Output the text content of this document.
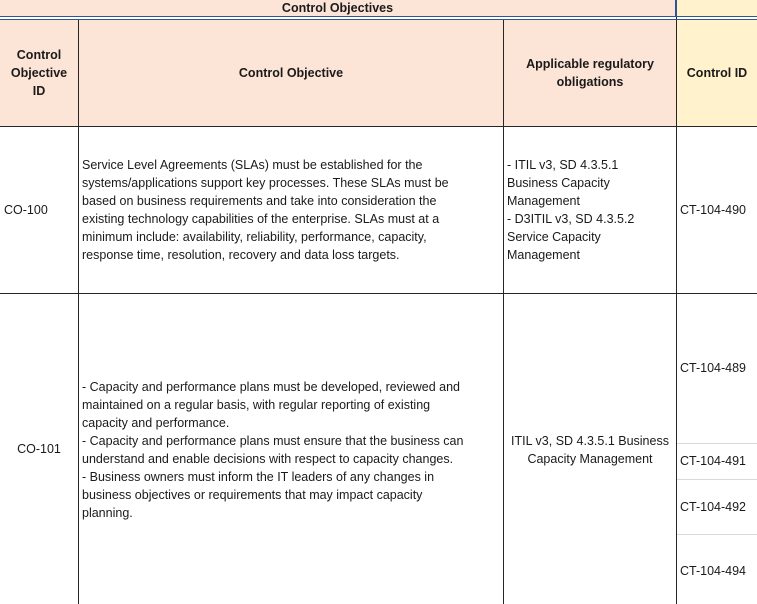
Control Objectives
Control
Objective
ID
Control Objective
Applicable regulatory
obligations
Control ID
CO-100
Service Level Agreements (SLAs) must be established for the
systems/applications support key processes. These SLAs must be
based on business requirements and take into consideration the
existing technology capabilities of the enterprise. SLAs must at a
minimum include: availability, reliability, performance, capacity,
response time, resolution, recovery and data loss targets.
- ITIL v3, SD 4.3.5.1
Business Capacity
Management
- D3ITIL v3, SD 4.3.5.2
Service Capacity
Management
CT-104-490
CO-101
- Capacity and performance plans must be developed, reviewed and
maintained on a regular basis, with regular reporting of existing
capacity and performance.
- Capacity and performance plans must ensure that the business can
understand and enable decisions with respect to capacity changes.
- Business owners must inform the IT leaders of any changes in
business objectives or requirements that may impact capacity
planning.
ITIL v3, SD 4.3.5.1 Business
Capacity Management
CT-104-489
CT-104-491
CT-104-492
CT-104-494
